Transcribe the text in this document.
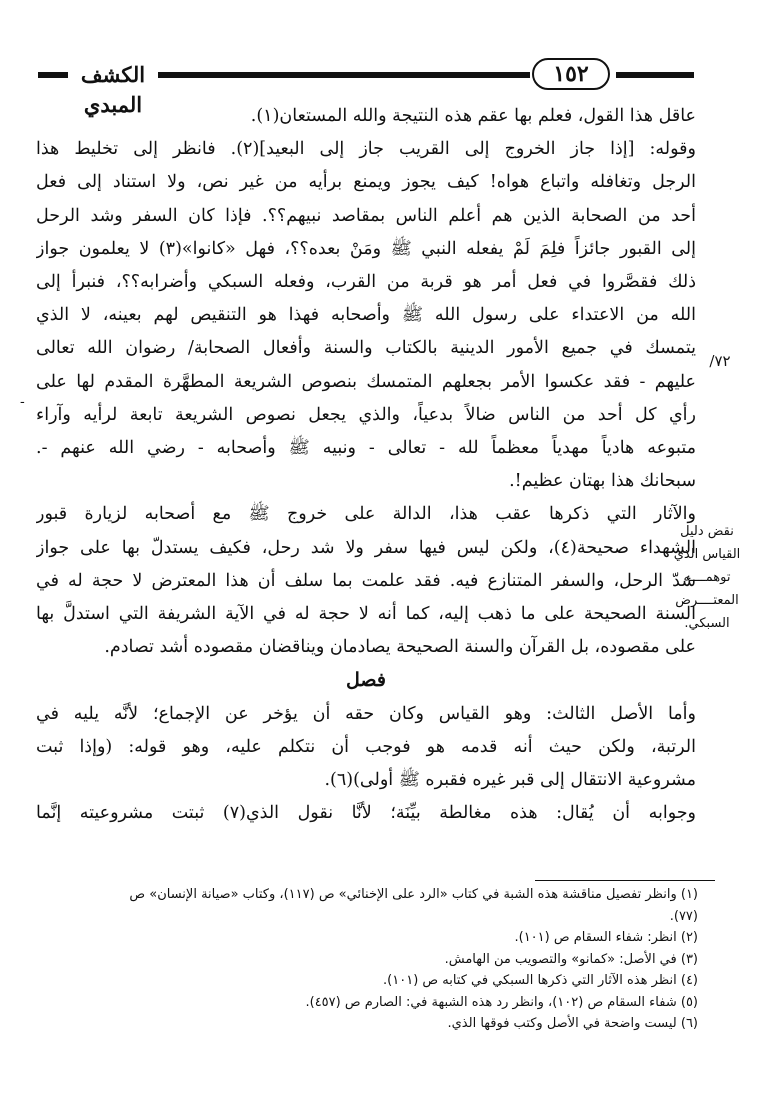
الكشف المبدي
١٥٢
٧٢/
-
نقض دليل
القياس الذي
توهمــــه
المعتــــرض
السبكي.

عاقل هذا القول، فعلم بها عقم هذه النتيجة والله المستعان(١).

وقوله: [إذا جاز الخروج إلى القريب جاز إلى البعيد](٢). فانظر إلى تخليط هذا
الرجل وتغافله واتباع هواه! كيف يجوز ويمنع برأيه من غير نص، ولا استناد إلى فعل
أحد من الصحابة الذين هم أعلم الناس بمقاصد نبيهم؟؟. فإذا كان السفر وشد الرحل
إلى القبور جائزاً فلِمَ لَمْ يفعله النبي ﷺ ومَنْ بعده؟؟، فهل «كانوا»(٣) لا يعلمون جواز
ذلك فقصَّروا في فعل أمر هو قربة من القرب، وفعله السبكي وأضرابه؟؟، فنبرأ إلى
الله من الاعتداء على رسول الله ﷺ وأصحابه فهذا هو التنقيص لهم بعينه، لا الذي
يتمسك في جميع الأمور الدينية بالكتاب والسنة وأفعال الصحابة/ رضوان الله تعالى
عليهم - فقد عكسوا الأمر بجعلهم المتمسك بنصوص الشريعة المطهَّرة المقدم لها على
رأي كل أحد من الناس ضالاً بدعياً، والذي يجعل نصوص الشريعة تابعة لرأيه وآراء
متبوعه هادياً مهدياً معظماً لله - تعالى - ونبيه ﷺ وأصحابه - رضي الله عنهم -.
سبحانك هذا بهتان عظيم!.

والآثار التي ذكرها عقب هذا، الدالة على خروج ﷺ مع أصحابه لزيارة قبور
الشهداء صحيحة(٤)، ولكن ليس فيها سفر ولا شد رحل، فكيف يستدلّ بها على جواز
شدّ الرحل، والسفر المتنازع فيه. فقد علمت بما سلف أن هذا المعترض لا حجة له في
السنة الصحيحة على ما ذهب إليه، كما أنه لا حجة له في الآية الشريفة التي استدلَّ بها
على مقصوده، بل القرآن والسنة الصحيحة يصادمان ويناقضان مقصوده أشد تصادم.

فصل

وأما الأصل الثالث: وهو القياس وكان حقه أن يؤخر عن الإجماع؛ لأنَّه يليه في
الرتبة، ولكن حيث أنه قدمه هو فوجب أن نتكلم عليه، وهو قوله: (وإذا ثبت
مشروعية الانتقال إلى قبر غيره فقبره ﷺ أولى)(٦).

وجوابه أن يُقال: هذه مغالطة بيِّنَة؛ لأنَّا نقول الذي(٧) ثبتت مشروعيته إنَّما

(١) وانظر تفصيل مناقشة هذه الشبة في كتاب «الرد على الإخنائي» ص (١١٧)، وكتاب «صيانة الإنسان» ص
(٧٧).
(٢) انظر: شفاء السقام ص (١٠١).
(٣) في الأصل: «كمانو» والتصويب من الهامش.
(٤) انظر هذه الآثار التي ذكرها السبكي في كتابه ص (١٠١).
(٥) شفاء السقام ص (١٠٢)، وانظر رد هذه الشبهة في: الصارم ص (٤٥٧).
(٦) ليست واضحة في الأصل وكتب فوقها الذي.
